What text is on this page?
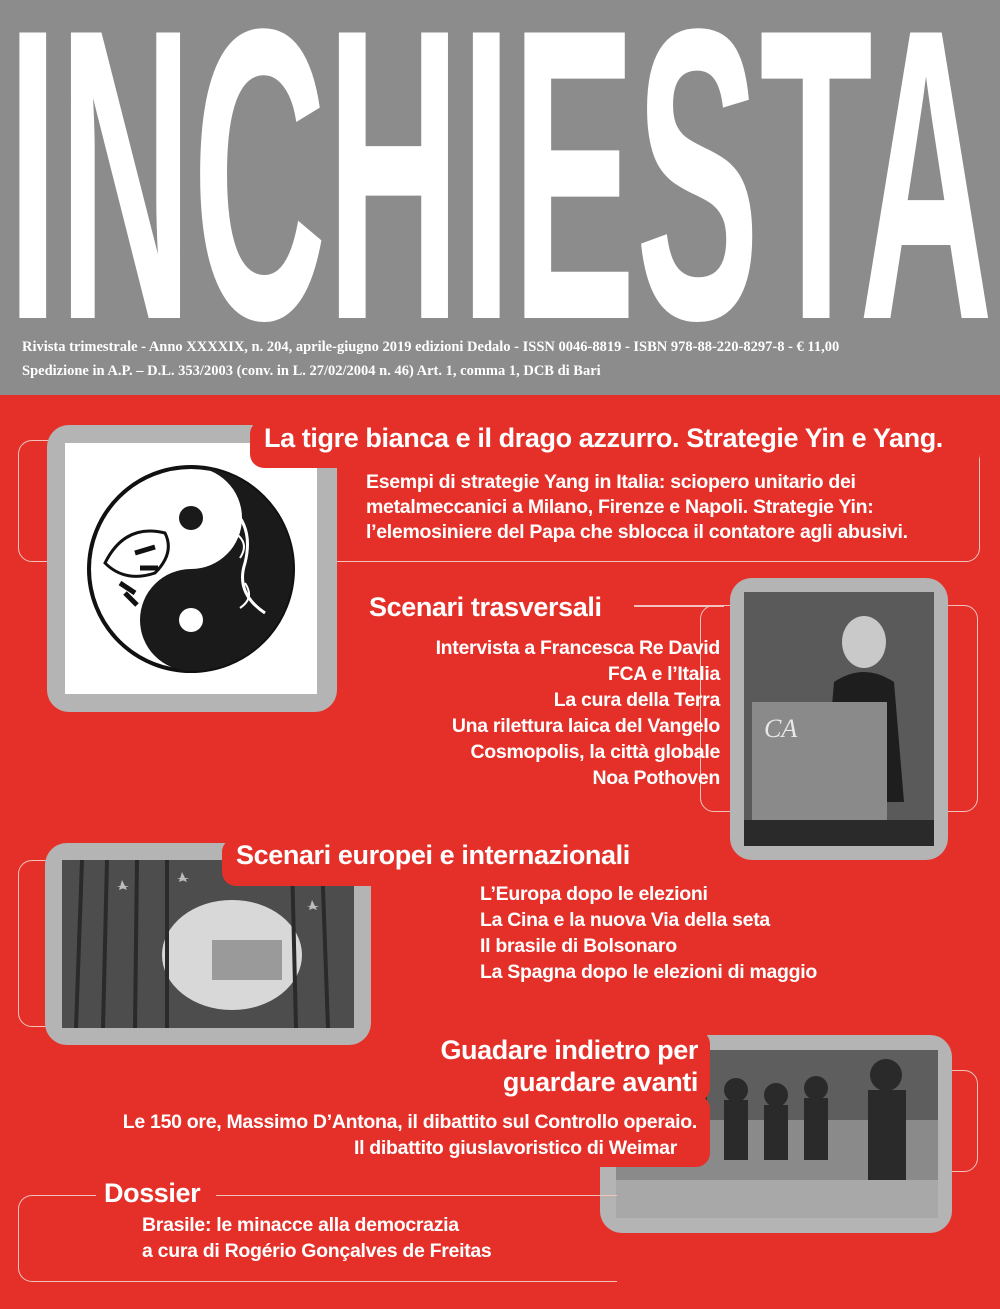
INCHIESTA
Rivista trimestrale - Anno XXXXIX, n. 204, aprile-giugno 2019 edizioni Dedalo - ISSN 0046-8819 - ISBN 978-88-220-8297-8 - € 11,00
Spedizione in A.P. – D.L. 353/2003 (conv. in L. 27/02/2004 n. 46) Art. 1, comma 1, DCB di Bari
La tigre bianca e il drago azzurro. Strategie Yin e Yang.
Esempi di strategie Yang in Italia: sciopero unitario dei
metalmeccanici a Milano, Firenze e Napoli. Strategie Yin:
l’elemosiniere del Papa che sblocca il contatore agli abusivi.
CA
Scenari trasversali
Intervista a Francesca Re David
FCA e l’Italia
La cura della Terra
Una rilettura laica del Vangelo
Cosmopolis, la città globale
Noa Pothoven
Scenari europei e internazionali
L’Europa dopo le elezioni
La Cina e la nuova Via della seta
Il brasile di Bolsonaro
La Spagna dopo le elezioni di maggio
Guadare indietro per
guardare avanti
Le 150 ore, Massimo D’Antona, il dibattito sul Controllo operaio.
Il dibattito giuslavoristico di Weimar
Dossier
Brasile: le minacce alla democrazia
a cura di Rogério Gonçalves de Freitas
